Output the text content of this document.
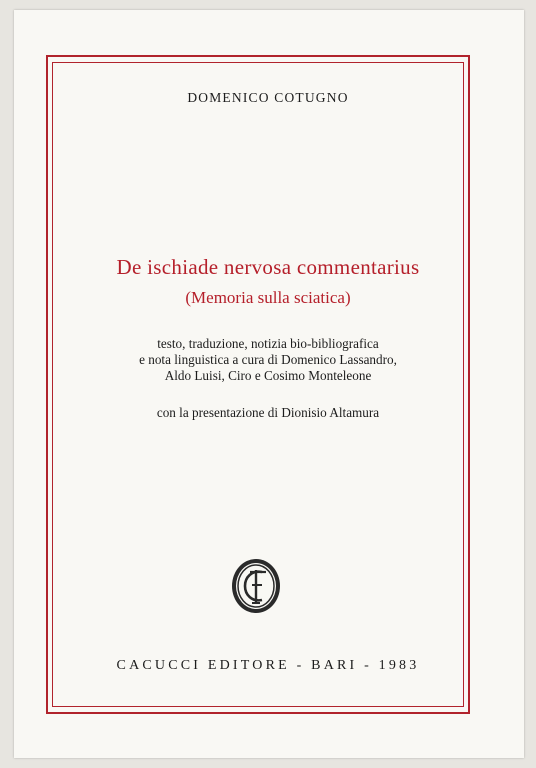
DOMENICO COTUGNO
De ischiade nervosa commentarius
(Memoria sulla sciatica)
testo, traduzione, notizia bio-bibliografica
e nota linguistica a cura di Domenico Lassandro,
Aldo Luisi, Ciro e Cosimo Monteleone
con la presentazione di Dionisio Altamura
CACUCCI EDITORE - BARI - 1983
